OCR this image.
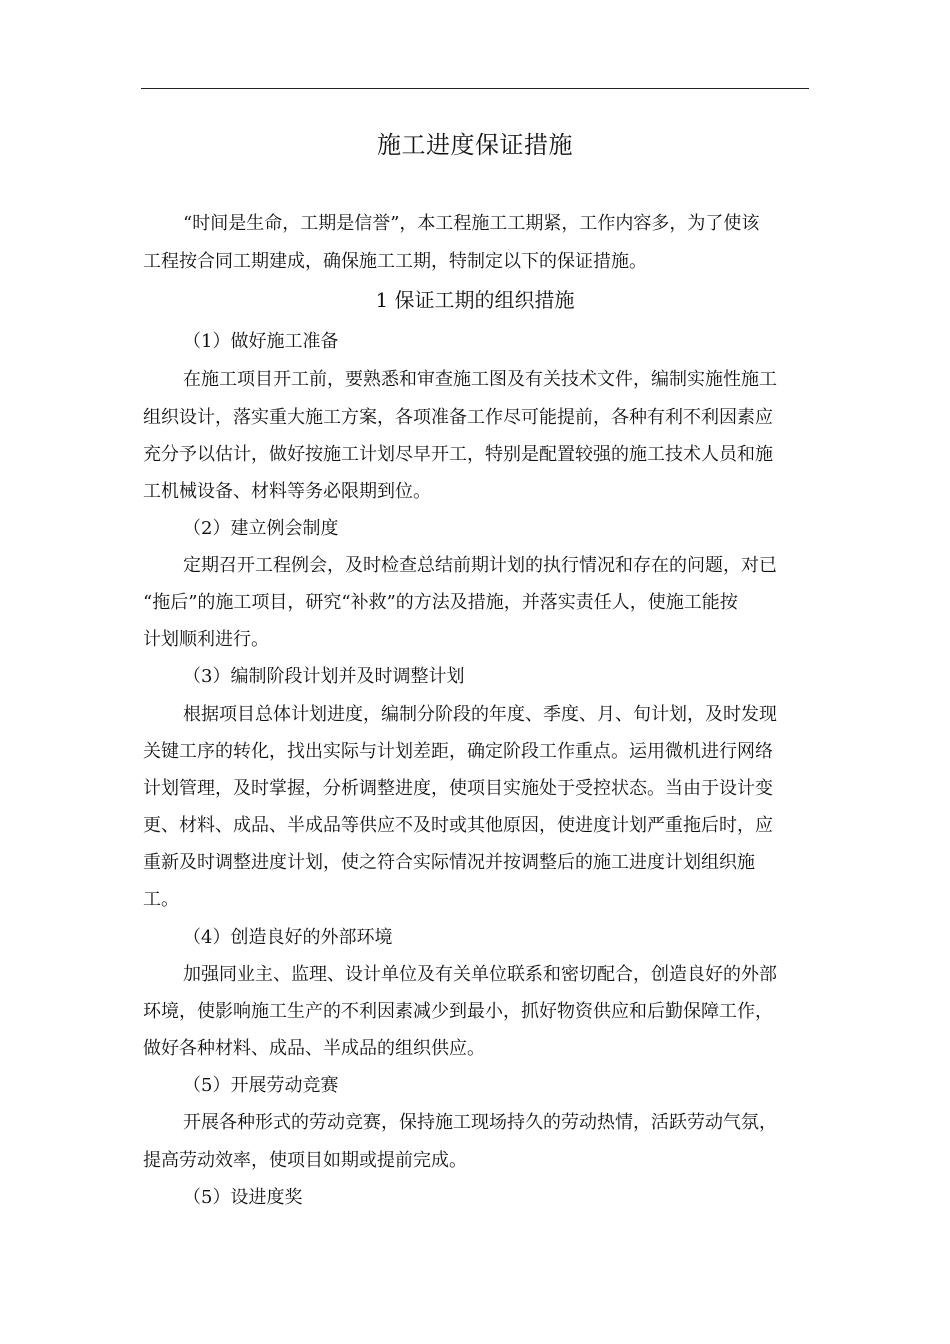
施工进度保证措施
“时间是生命，工期是信誉”，本工程施工工期紧，工作内容多，为了使该
工程按合同工期建成，确保施工工期，特制定以下的保证措施。
1 保证工期的组织措施
（1）做好施工准备
在施工项目开工前，要熟悉和审查施工图及有关技术文件，编制实施性施工
组织设计，落实重大施工方案，各项准备工作尽可能提前，各种有利不利因素应
充分予以估计，做好按施工计划尽早开工，特别是配置较强的施工技术人员和施
工机械设备、材料等务必限期到位。
（2）建立例会制度
定期召开工程例会，及时检查总结前期计划的执行情况和存在的问题，对已
“拖后”的施工项目，研究“补救”的方法及措施，并落实责任人，使施工能按
计划顺利进行。
（3）编制阶段计划并及时调整计划
根据项目总体计划进度，编制分阶段的年度、季度、月、旬计划，及时发现
关键工序的转化，找出实际与计划差距，确定阶段工作重点。运用微机进行网络
计划管理，及时掌握，分析调整进度，使项目实施处于受控状态。当由于设计变
更、材料、成品、半成品等供应不及时或其他原因，使进度计划严重拖后时，应
重新及时调整进度计划，使之符合实际情况并按调整后的施工进度计划组织施
工。
（4）创造良好的外部环境
加强同业主、监理、设计单位及有关单位联系和密切配合，创造良好的外部
环境，使影响施工生产的不利因素减少到最小，抓好物资供应和后勤保障工作，
做好各种材料、成品、半成品的组织供应。
（5）开展劳动竞赛
开展各种形式的劳动竞赛，保持施工现场持久的劳动热情，活跃劳动气氛，
提高劳动效率，使项目如期或提前完成。
（5）设进度奖
